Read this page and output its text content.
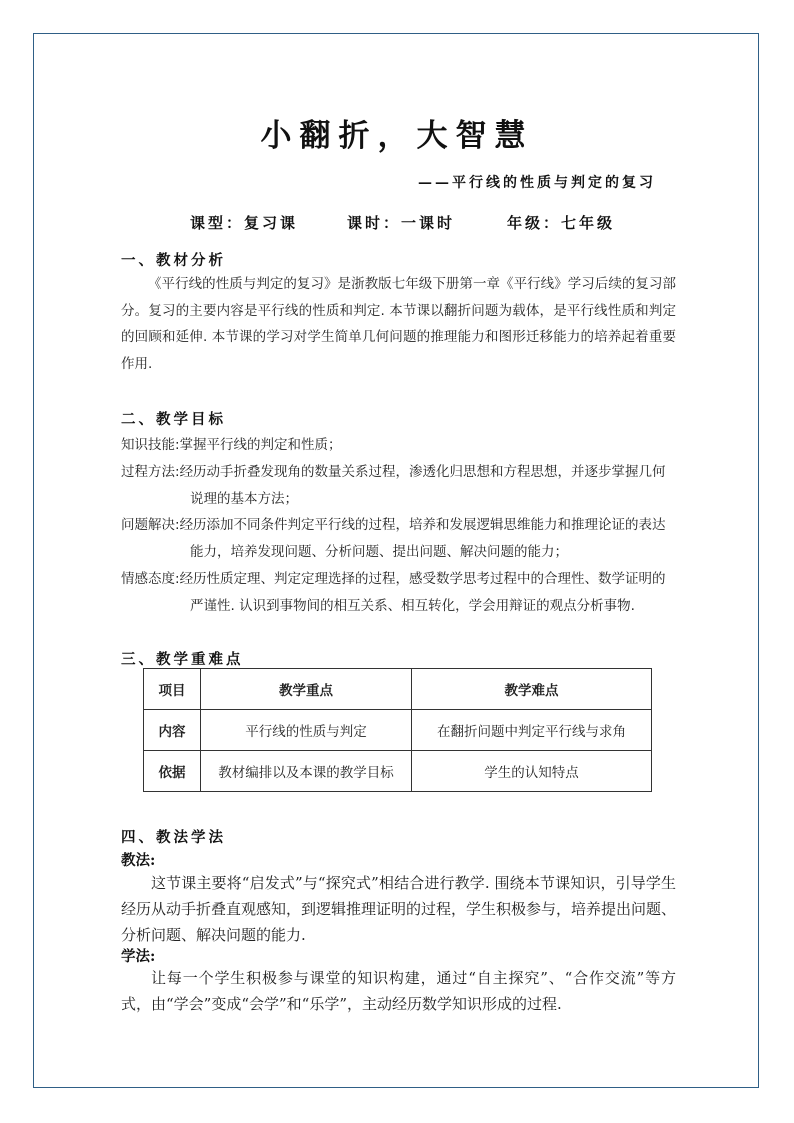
小翻折，大智慧
——平行线的性质与判定的复习
课型：复习课	课时：一课时	年级：七年级
一、教材分析
《平行线的性质与判定的复习》是浙教版七年级下册第一章《平行线》学习后续的复习部分。复习的主要内容是平行线的性质和判定. 本节课以翻折问题为载体，是平行线性质和判定的回顾和延伸. 本节课的学习对学生简单几何问题的推理能力和图形迁移能力的培养起着重要作用.
二、教学目标
知识技能:掌握平行线的判定和性质；
过程方法:经历动手折叠发现角的数量关系过程，渗透化归思想和方程思想，并逐步掌握几何说理的基本方法；
问题解决:经历添加不同条件判定平行线的过程，培养和发展逻辑思维能力和推理论证的表达能力，培养发现问题、分析问题、提出问题、解决问题的能力；
情感态度:经历性质定理、判定定理选择的过程，感受数学思考过程中的合理性、数学证明的严谨性. 认识到事物间的相互关系、相互转化，学会用辩证的观点分析事物.
三、教学重难点
项目	教学重点	教学难点
内容	平行线的性质与判定	在翻折问题中判定平行线与求角
依据	教材编排以及本课的教学目标	学生的认知特点
四、教法学法
教法:
这节课主要将“启发式”与“探究式”相结合进行教学. 围绕本节课知识，引导学生经历从动手折叠直观感知，到逻辑推理证明的过程，学生积极参与，培养提出问题、分析问题、解决问题的能力.
学法:
让每一个学生积极参与课堂的知识构建，通过“自主探究”、“合作交流”等方式，由“学会”变成“会学”和“乐学”，主动经历数学知识形成的过程.
